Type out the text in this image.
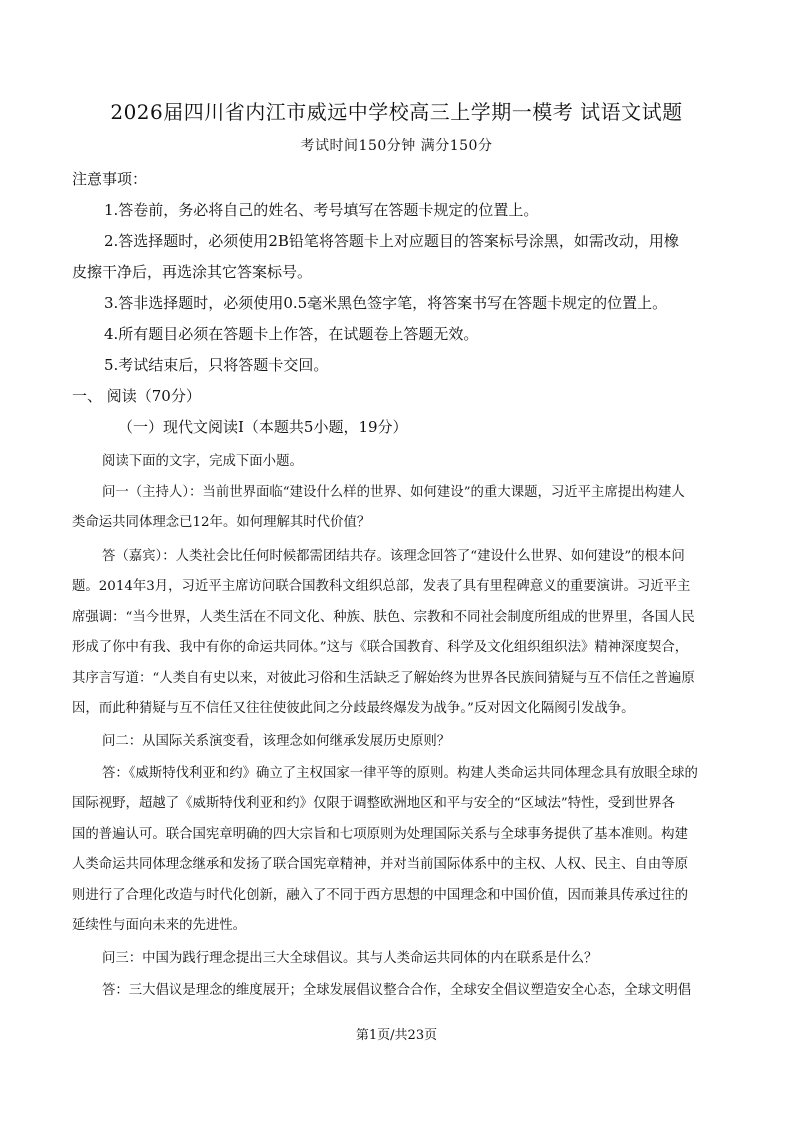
2026届四川省内江市威远中学校高三上学期一模考 试语文试题
考试时间150分钟 满分150分
注意事项：
1.答卷前，务必将自己的姓名、考号填写在答题卡规定的位置上。
2.答选择题时，必须使用2B铅笔将答题卡上对应题目的答案标号涂黑，如需改动，用橡
皮擦干净后，再选涂其它答案标号。
3.答非选择题时，必须使用0.5毫米黑色签字笔，将答案书写在答题卡规定的位置上。
4.所有题目必须在答题卡上作答，在试题卷上答题无效。
5.考试结束后，只将答题卡交回。
一、 阅读（70分）
（一）现代文阅读Ⅰ（本题共5小题，19分）
阅读下面的文字，完成下面小题。
问一（主持人）：当前世界面临“建设什么样的世界、如何建设”的重大课题，习近平主席提出构建人
类命运共同体理念已12年。如何理解其时代价值？
答（嘉宾）：人类社会比任何时候都需团结共存。该理念回答了“建设什么世界、如何建设”的根本问
题。2014年3月，习近平主席访问联合国教科文组织总部，发表了具有里程碑意义的重要演讲。习近平主
席强调：“当今世界，人类生活在不同文化、种族、肤色、宗教和不同社会制度所组成的世界里，各国人民
形成了你中有我、我中有你的命运共同体。”这与《联合国教育、科学及文化组织组织法》精神深度契合，
其序言写道：“人类自有史以来，对彼此习俗和生活缺乏了解始终为世界各民族间猜疑与互不信任之普遍原
因，而此种猜疑与互不信任又往往使彼此间之分歧最终爆发为战争。”反对因文化隔阂引发战争。
问二：从国际关系演变看，该理念如何继承发展历史原则？
答：《威斯特伐利亚和约》确立了主权国家一律平等的原则。构建人类命运共同体理念具有放眼全球的
国际视野，超越了《威斯特伐利亚和约》仅限于调整欧洲地区和平与安全的“区域法”特性，受到世界各
国的普遍认可。联合国宪章明确的四大宗旨和七项原则为处理国际关系与全球事务提供了基本准则。构建
人类命运共同体理念继承和发扬了联合国宪章精神，并对当前国际体系中的主权、人权、民主、自由等原
则进行了合理化改造与时代化创新，融入了不同于西方思想的中国理念和中国价值，因而兼具传承过往的
延续性与面向未来的先进性。
问三：中国为践行理念提出三大全球倡议。其与人类命运共同体的内在联系是什么？
答：三大倡议是理念的维度展开；全球发展倡议整合合作，全球安全倡议塑造安全心态，全球文明倡
第1页/共23页
